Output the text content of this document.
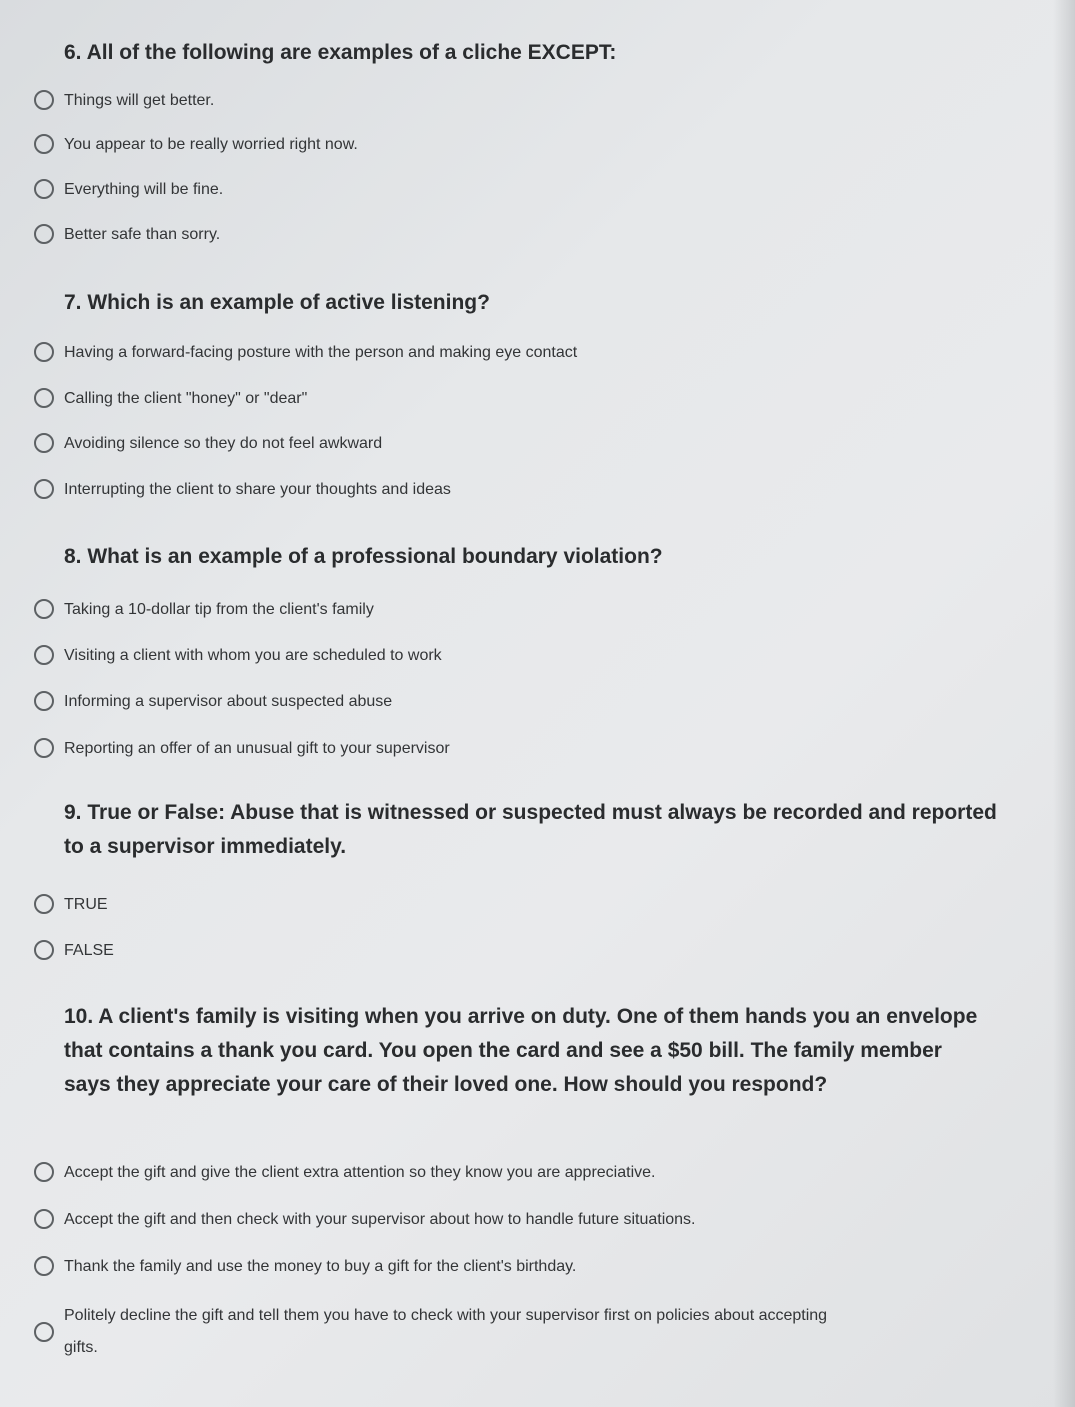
6. All of the following are examples of a cliche EXCEPT:
Things will get better.
You appear to be really worried right now.
Everything will be fine.
Better safe than sorry.
7. Which is an example of active listening?
Having a forward-facing posture with the person and making eye contact
Calling the client "honey" or "dear"
Avoiding silence so they do not feel awkward
Interrupting the client to share your thoughts and ideas
8. What is an example of a professional boundary violation?
Taking a 10-dollar tip from the client's family
Visiting a client with whom you are scheduled to work
Informing a supervisor about suspected abuse
Reporting an offer of an unusual gift to your supervisor
9. True or False: Abuse that is witnessed or suspected must always be recorded and reported to a supervisor immediately.
TRUE
FALSE
10. A client's family is visiting when you arrive on duty. One of them hands you an envelope that contains a thank you card. You open the card and see a $50 bill. The family member says they appreciate your care of their loved one. How should you respond?
Accept the gift and give the client extra attention so they know you are appreciative.
Accept the gift and then check with your supervisor about how to handle future situations.
Thank the family and use the money to buy a gift for the client's birthday.
Politely decline the gift and tell them you have to check with your supervisor first on policies about accepting gifts.
